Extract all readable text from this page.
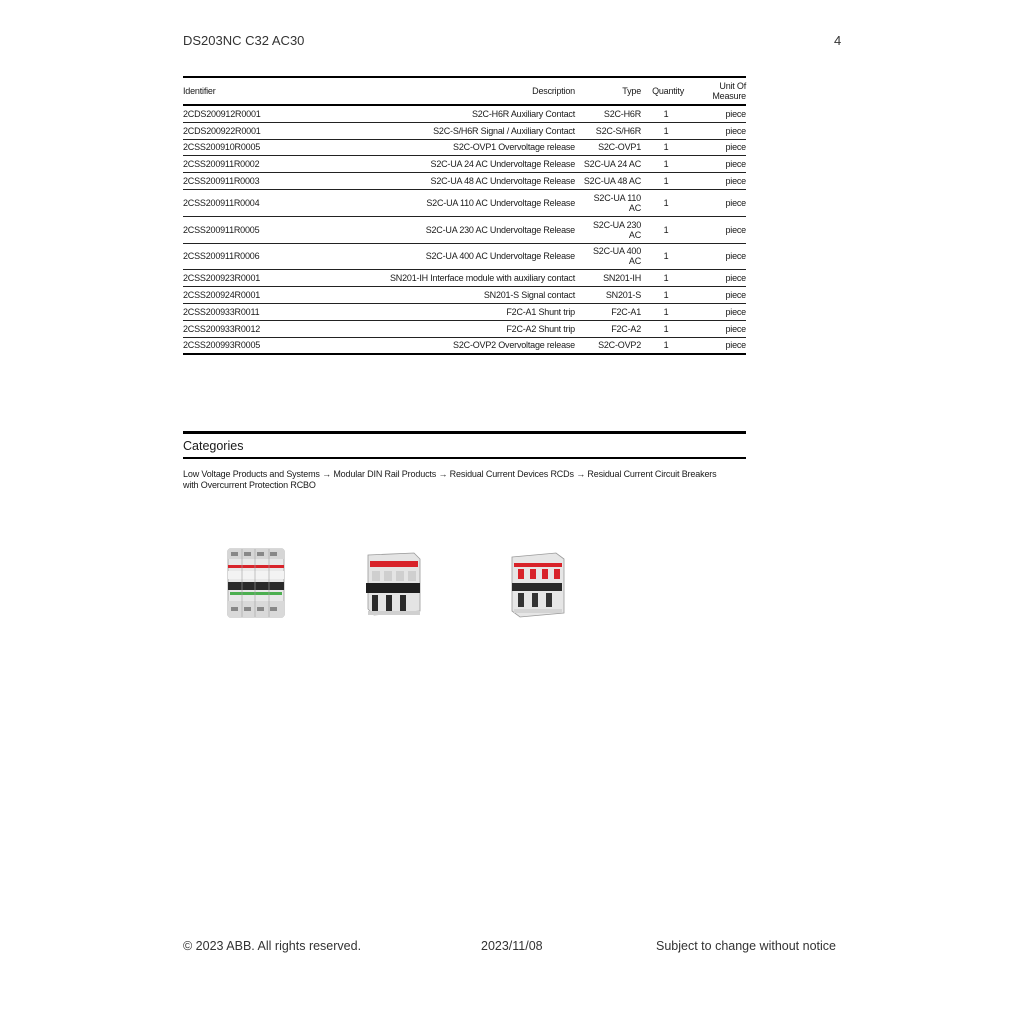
DS203NC C32 AC30	4
Identifier	Description	Type	Quantity	Unit Of
Measure

2CDS200912R0001	S2C-H6R Auxiliary Contact	S2C-H6R	1	piece
2CDS200922R0001	S2C-S/H6R Signal / Auxiliary Contact	S2C-S/H6R	1	piece
2CSS200910R0005	S2C-OVP1 Overvoltage release	S2C-OVP1	1	piece
2CSS200911R0002	S2C-UA 24 AC Undervoltage Release	S2C-UA 24 AC	1	piece
2CSS200911R0003	S2C-UA 48 AC Undervoltage Release	S2C-UA 48 AC	1	piece
2CSS200911R0004	S2C-UA 110 AC Undervoltage Release	S2C-UA 110
AC	1	piece
2CSS200911R0005	S2C-UA 230 AC Undervoltage Release	S2C-UA 230
AC	1	piece
2CSS200911R0006	S2C-UA 400 AC Undervoltage Release	S2C-UA 400
AC	1	piece
2CSS200923R0001	SN201-IH Interface module with auxiliary contact	SN201-IH	1	piece
2CSS200924R0001	SN201-S Signal contact	SN201-S	1	piece
2CSS200933R0011	F2C-A1 Shunt trip	F2C-A1	1	piece
2CSS200933R0012	F2C-A2 Shunt trip	F2C-A2	1	piece
2CSS200993R0005	S2C-OVP2 Overvoltage release	S2C-OVP2	1	piece
Categories
Low Voltage Products and Systems → Modular DIN Rail Products → Residual Current Devices RCDs → Residual Current Circuit Breakers
with Overcurrent Protection RCBO
© 2023 ABB. All rights reserved.	2023/11/08	Subject to change without notice
